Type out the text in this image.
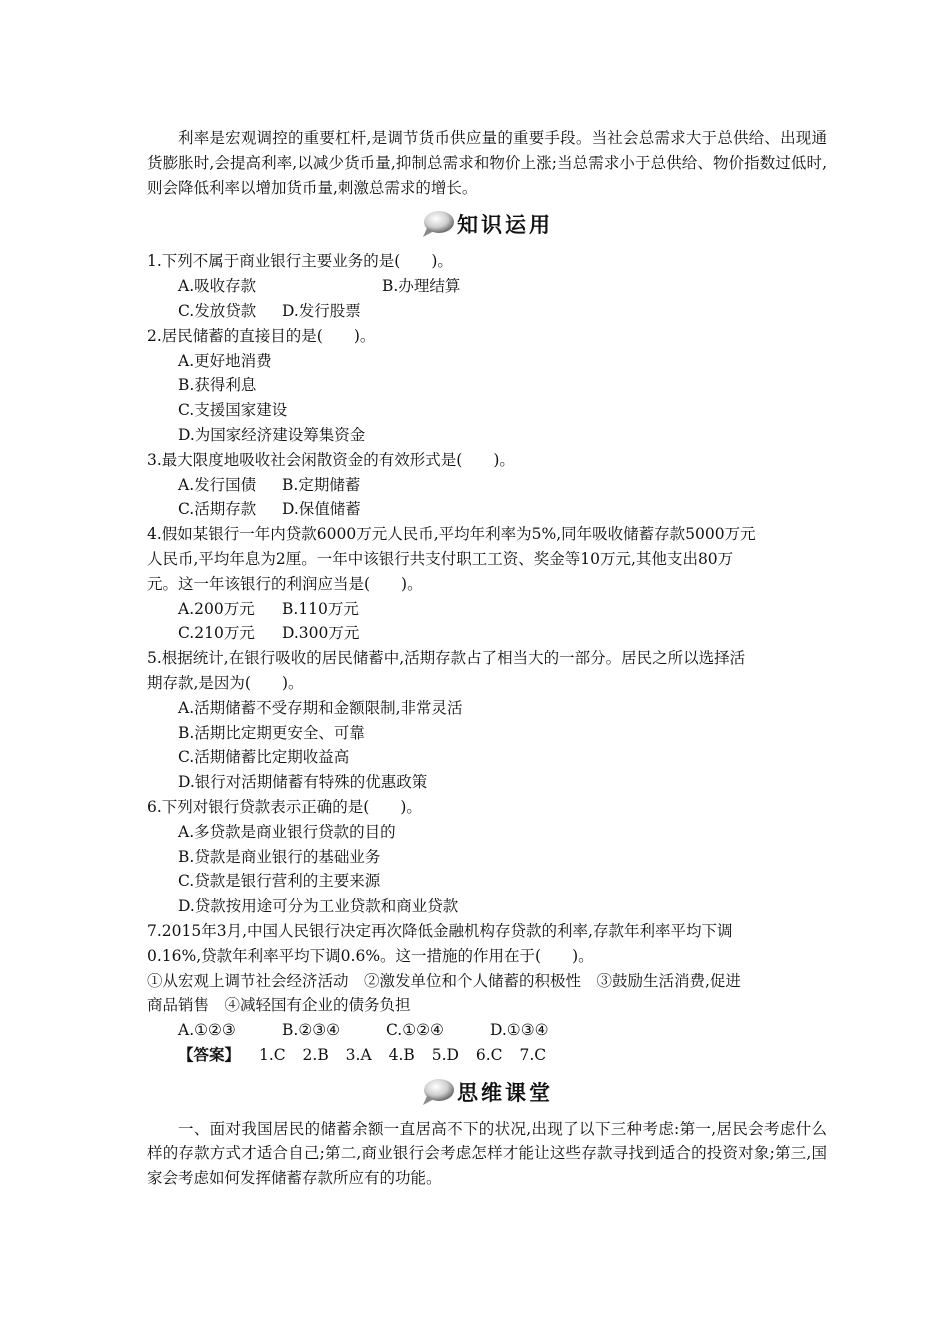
利率是宏观调控的重要杠杆,是调节货币供应量的重要手段。当社会总需求大于总供给、出现通货膨胀时,会提高利率,以减少货币量,抑制总需求和物价上涨;当总需求小于总供给、物价指数过低时,则会降低利率以增加货币量,刺激总需求的增长。
知识运用
1.下列不属于商业银行主要业务的是(　　)。
A.吸收存款	B.办理结算
C.发放贷款	D.发行股票
2.居民储蓄的直接目的是(　　)。
A.更好地消费
B.获得利息
C.支援国家建设
D.为国家经济建设筹集资金
3.最大限度地吸收社会闲散资金的有效形式是(　　)。
A.发行国债	B.定期储蓄
C.活期存款	D.保值储蓄
4.假如某银行一年内贷款6000万元人民币,平均年利率为5%,同年吸收储蓄存款5000万元
人民币,平均年息为2厘。一年中该银行共支付职工工资、奖金等10万元,其他支出80万
元。这一年该银行的利润应当是(　　)。
A.200万元	B.110万元
C.210万元	D.300万元
5.根据统计,在银行吸收的居民储蓄中,活期存款占了相当大的一部分。居民之所以选择活
期存款,是因为(　　)。
A.活期储蓄不受存期和金额限制,非常灵活
B.活期比定期更安全、可靠
C.活期储蓄比定期收益高
D.银行对活期储蓄有特殊的优惠政策
6.下列对银行贷款表示正确的是(　　)。
A.多贷款是商业银行贷款的目的
B.贷款是商业银行的基础业务
C.贷款是银行营利的主要来源
D.贷款按用途可分为工业贷款和商业贷款
7.2015年3月,中国人民银行决定再次降低金融机构存贷款的利率,存款年利率平均下调
0.16%,贷款年利率平均下调0.6%。这一措施的作用在于(　　)。
①从宏观上调节社会经济活动　②激发单位和个人储蓄的积极性　③鼓励生活消费,促进
商品销售　④减轻国有企业的债务负担
A.①②③	B.②③④	C.①②④	D.①③④
【答案】 1.C 2.B 3.A 4.B 5.D 6.C 7.C
思维课堂
一、面对我国居民的储蓄余额一直居高不下的状况,出现了以下三种考虑:第一,居民会考虑什么样的存款方式才适合自己;第二,商业银行会考虑怎样才能让这些存款寻找到适合的投资对象;第三,国家会考虑如何发挥储蓄存款所应有的功能。
